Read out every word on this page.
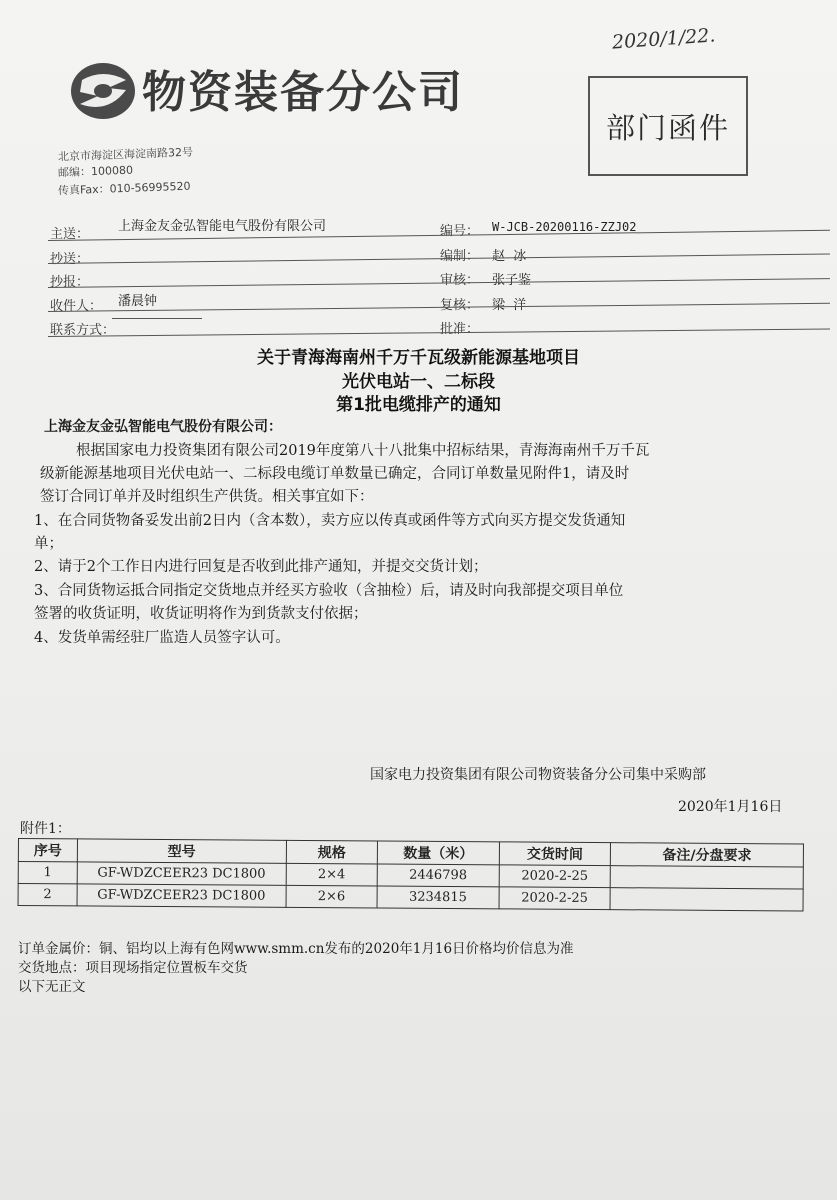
2020/1/22.
物资装备分公司
部门函件
北京市海淀区海淀南路32号
邮编：100080
传真Fax：010-56995520
主送：
上海金友金弘智能电气股份有限公司
抄送：
抄报：
收件人： 潘晨钟
联系方式：
编号： W-JCB-20200116-ZZJ02
编制： 赵  冰
审核： 张子鉴
复核： 梁  洋
批准：
关于青海海南州千万千瓦级新能源基地项目
光伏电站一、二标段
第1批电缆排产的通知
上海金友金弘智能电气股份有限公司：
根据国家电力投资集团有限公司2019年度第八十八批集中招标结果，青海海南州千万千瓦
级新能源基地项目光伏电站一、二标段电缆订单数量已确定，合同订单数量见附件1，请及时
签订合同订单并及时组织生产供货。相关事宜如下：
1、在合同货物备妥发出前2日内（含本数），卖方应以传真或函件等方式向买方提交发货通知
单；
2、请于2个工作日内进行回复是否收到此排产通知，并提交交货计划；
3、合同货物运抵合同指定交货地点并经买方验收（含抽检）后，请及时向我部提交项目单位
签署的收货证明，收货证明将作为到货款支付依据；
4、发货单需经驻厂监造人员签字认可。
国家电力投资集团有限公司物资装备分公司集中采购部
2020年1月16日
附件1：
序号	型号	规格	数量（米）	交货时间	备注/分盘要求
1	GF-WDZCEER23 DC1800	2×4	2446798	2020-2-25	
2	GF-WDZCEER23 DC1800	2×6	3234815	2020-2-25	
订单金属价：铜、铝均以上海有色网www.smm.cn发布的2020年1月16日价格均价信息为准
交货地点：项目现场指定位置板车交货
以下无正文
